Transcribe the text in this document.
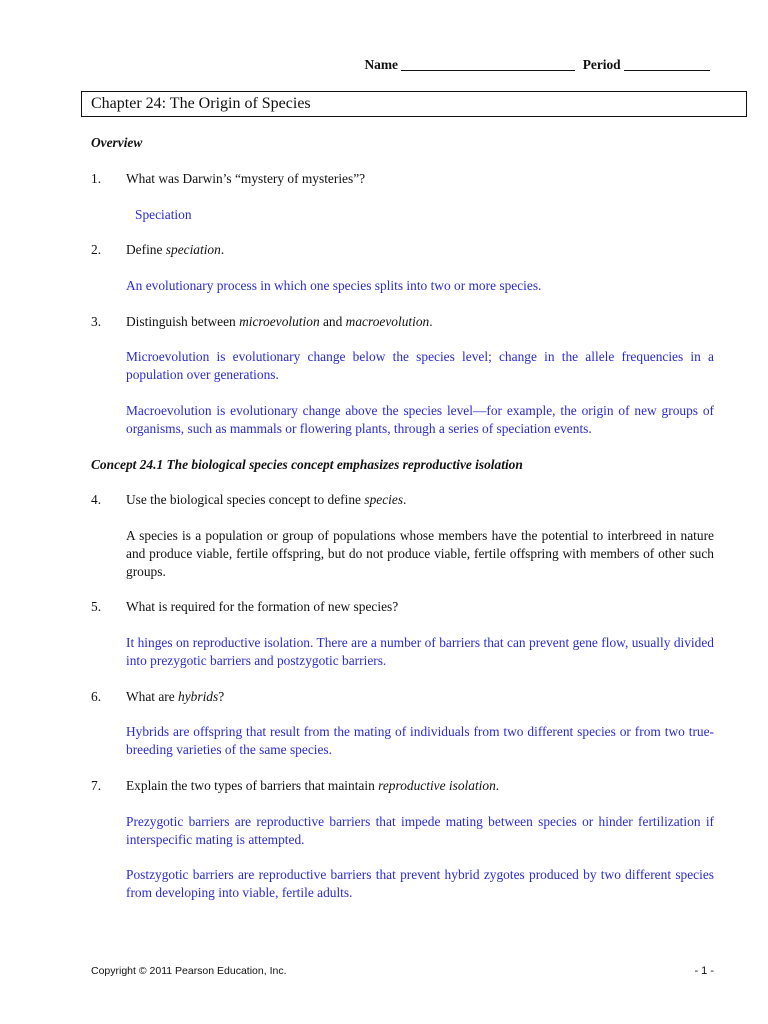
Name	Period
Chapter 24: The Origin of Species
Overview
1. What was Darwin’s “mystery of mysteries”?
Speciation
2. Define speciation.
An evolutionary process in which one species splits into two or more species.
3. Distinguish between microevolution and macroevolution.
Microevolution is evolutionary change below the species level; change in the allele frequencies in a population over generations.
Macroevolution is evolutionary change above the species level—for example, the origin of new groups of organisms, such as mammals or flowering plants, through a series of speciation events.
Concept 24.1 The biological species concept emphasizes reproductive isolation
4. Use the biological species concept to define species.
A species is a population or group of populations whose members have the potential to interbreed in nature and produce viable, fertile offspring, but do not produce viable, fertile offspring with members of other such groups.
5. What is required for the formation of new species?
It hinges on reproductive isolation. There are a number of barriers that can prevent gene flow, usually divided into prezygotic barriers and postzygotic barriers.
6. What are hybrids?
Hybrids are offspring that result from the mating of individuals from two different species or from two true-breeding varieties of the same species.
7. Explain the two types of barriers that maintain reproductive isolation.
Prezygotic barriers are reproductive barriers that impede mating between species or hinder fertilization if interspecific mating is attempted.
Postzygotic barriers are reproductive barriers that prevent hybrid zygotes produced by two different species from developing into viable, fertile adults.
Copyright © 2011 Pearson Education, Inc.	- 1 -
